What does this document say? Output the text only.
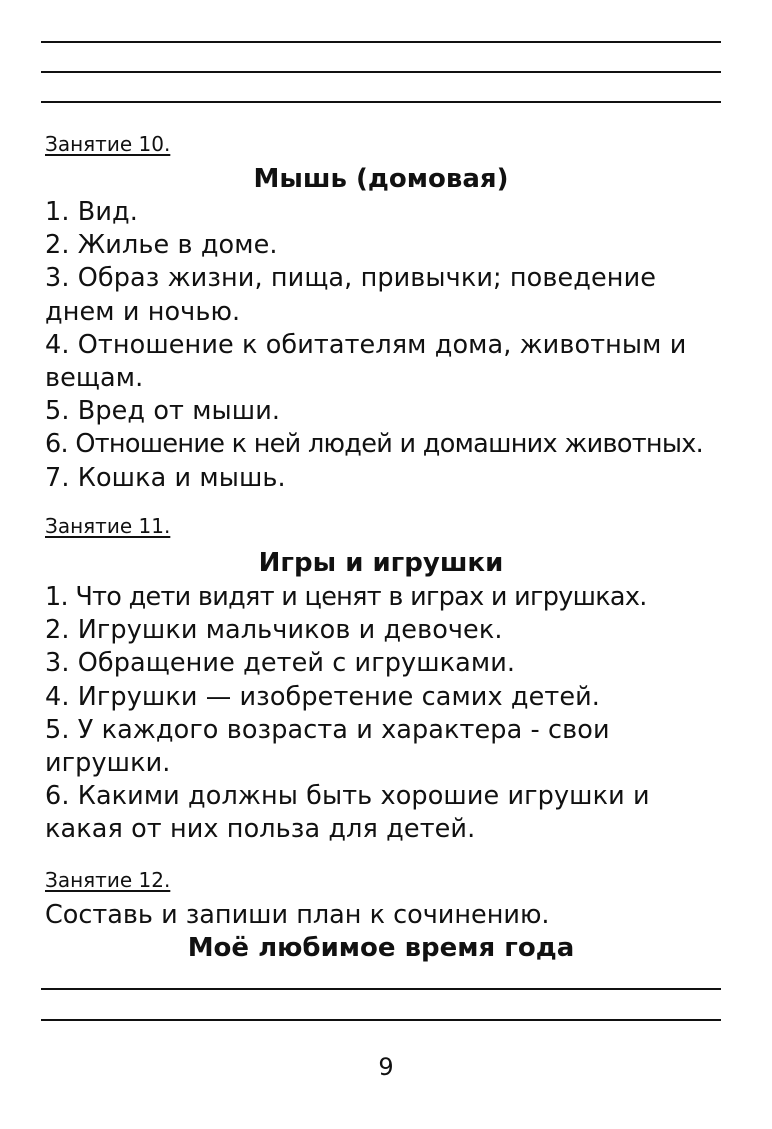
Занятие 10.
Мышь (домовая)
1. Вид.
2. Жилье в доме.
3. Образ жизни, пища, привычки; поведение днем и ночью.
4. Отношение к обитателям дома, животным и вещам.
5. Вред от мыши.
6. Отношение к ней людей и домашних животных.
7. Кошка и мышь.
Занятие 11.
Игры и игрушки
1. Что дети видят и ценят в играх и игрушках.
2. Игрушки мальчиков и девочек.
3. Обращение детей с игрушками.
4. Игрушки — изобретение самих детей.
5. У каждого возраста и характера - свои игрушки.
6. Какими должны быть хорошие игрушки и какая от них польза для детей.
Занятие 12.
Составь и запиши план к сочинению.
Моё любимое время года
9
